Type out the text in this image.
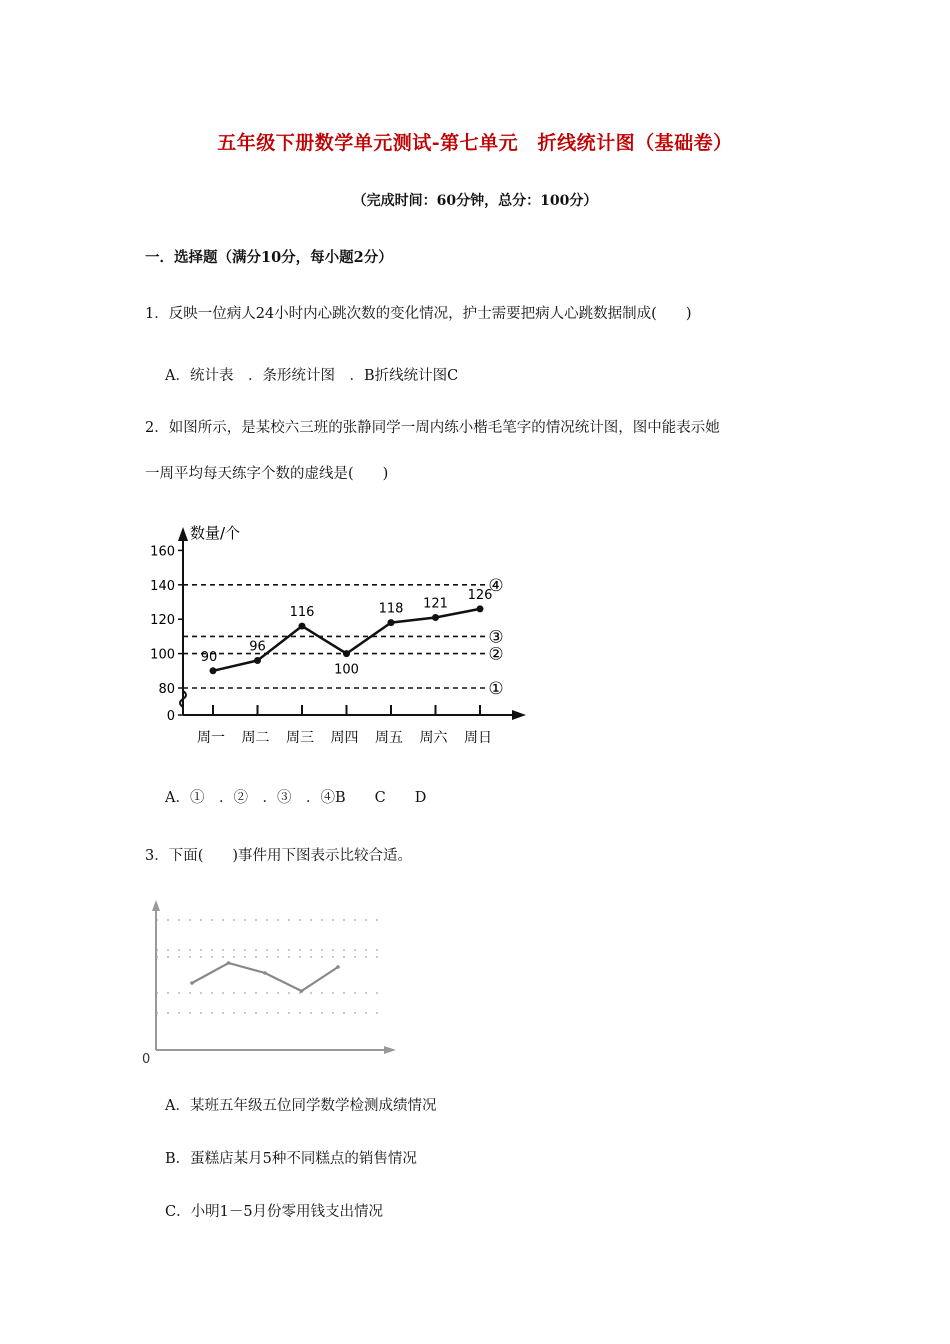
五年级下册数学单元测试-第七单元　折线统计图（基础卷）
（完成时间：60分钟，总分：100分）
一．选择题（满分10分，每小题2分）
1．反映一位病人24小时内心跳次数的变化情况，护士需要把病人心跳数据制成(　　)
A．统计表　．条形统计图　．B折线统计图C
2．如图所示，是某校六三班的张静同学一周内练小楷毛笔字的情况统计图，图中能表示她
一周平均每天练字个数的虚线是(　　)
0
80
100
120
140
160
周一 周二 周三 周四 周五 周六 周日
①
②
③
④
90
96
116
100
118 121
126
数量/个
A．①　．②　．③　．④B　　C　　D
3．下面(　　)事件用下图表示比较合适。
0
A．某班五年级五位同学数学检测成绩情况
B．蛋糕店某月5种不同糕点的销售情况
C．小明1－5月份零用钱支出情况
